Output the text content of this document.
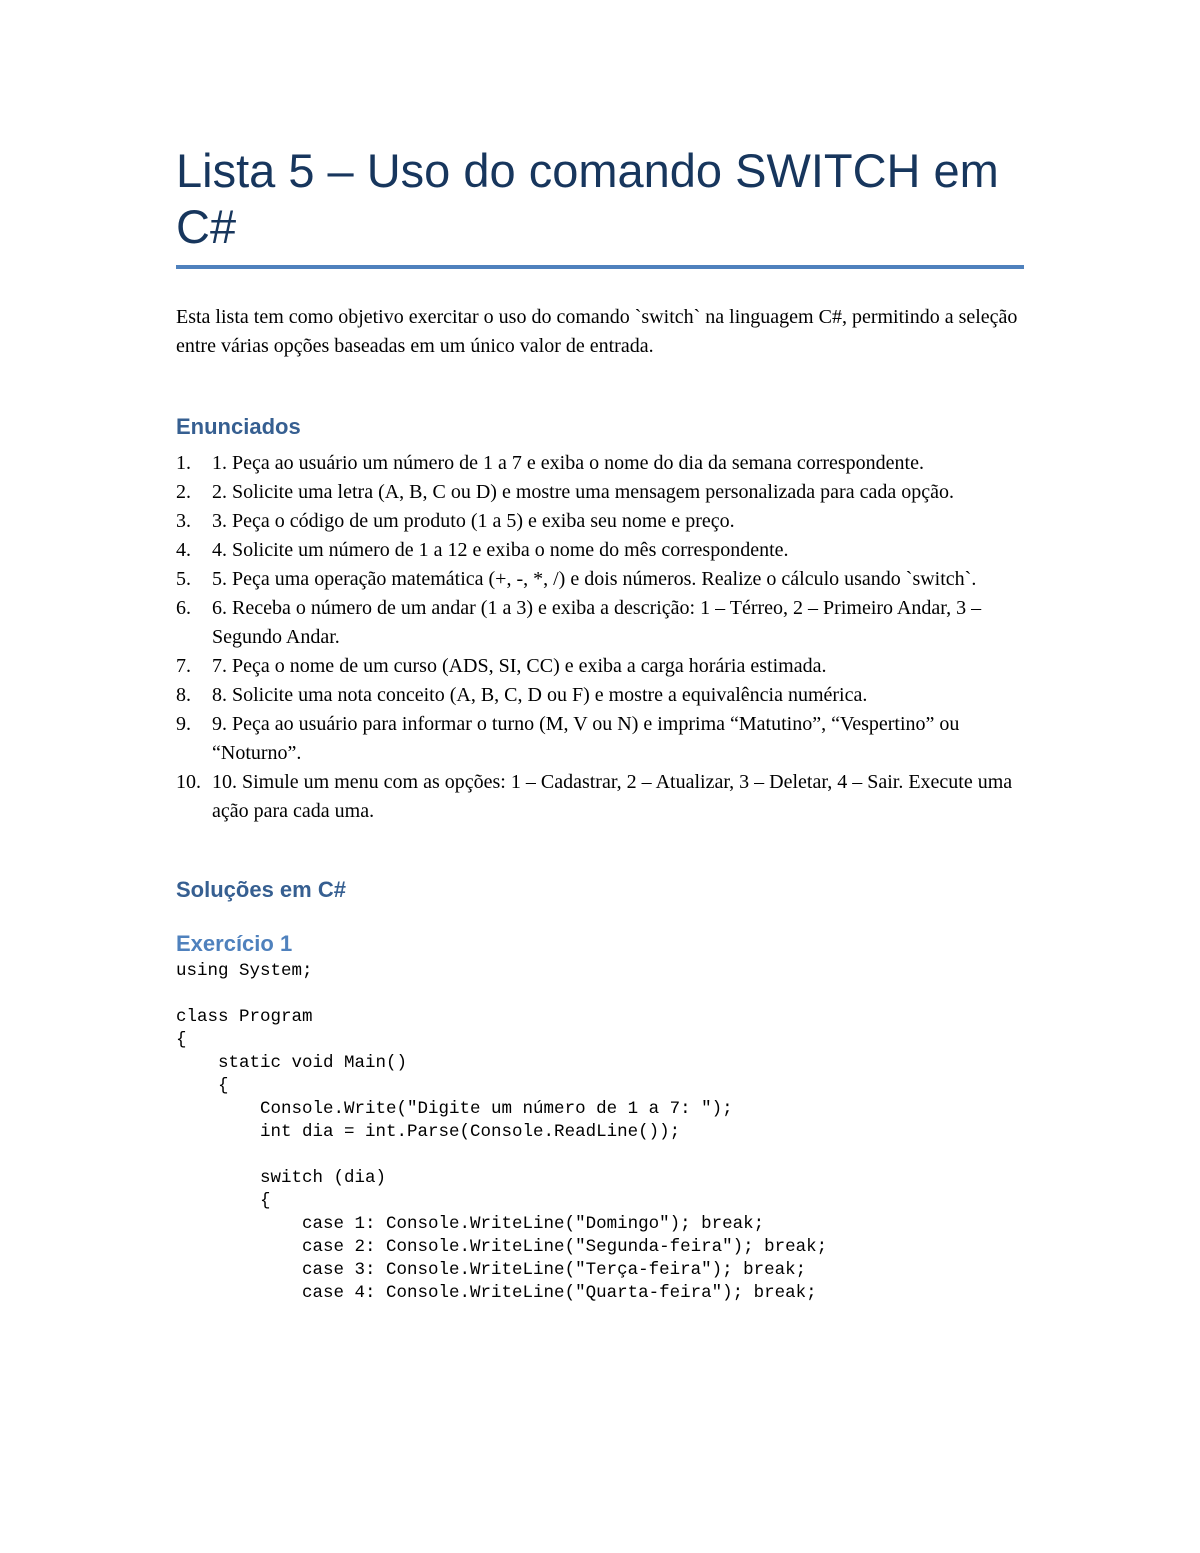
Lista 5 – Uso do comando SWITCH em C#

Esta lista tem como objetivo exercitar o uso do comando `switch` na linguagem C#, permitindo a seleção entre várias opções baseadas em um único valor de entrada.

Enunciados
1. 1. Peça ao usuário um número de 1 a 7 e exiba o nome do dia da semana correspondente.
2. 2. Solicite uma letra (A, B, C ou D) e mostre uma mensagem personalizada para cada opção.
3. 3. Peça o código de um produto (1 a 5) e exiba seu nome e preço.
4. 4. Solicite um número de 1 a 12 e exiba o nome do mês correspondente.
5. 5. Peça uma operação matemática (+, -, *, /) e dois números. Realize o cálculo usando `switch`.
6. 6. Receba o número de um andar (1 a 3) e exiba a descrição: 1 – Térreo, 2 – Primeiro Andar, 3 – Segundo Andar.
7. 7. Peça o nome de um curso (ADS, SI, CC) e exiba a carga horária estimada.
8. 8. Solicite uma nota conceito (A, B, C, D ou F) e mostre a equivalência numérica.
9. 9. Peça ao usuário para informar o turno (M, V ou N) e imprima “Matutino”, “Vespertino” ou “Noturno”.
10. 10. Simule um menu com as opções: 1 – Cadastrar, 2 – Atualizar, 3 – Deletar, 4 – Sair. Execute uma ação para cada uma.
Soluções em C#
Exercício 1
using System;

class Program
{
static void Main()
{
Console.Write("Digite um número de 1 a 7: ");
int dia = int.Parse(Console.ReadLine());

switch (dia)
{
case 1: Console.WriteLine("Domingo"); break;
case 2: Console.WriteLine("Segunda-feira"); break;
case 3: Console.WriteLine("Terça-feira"); break;
case 4: Console.WriteLine("Quarta-feira"); break;
